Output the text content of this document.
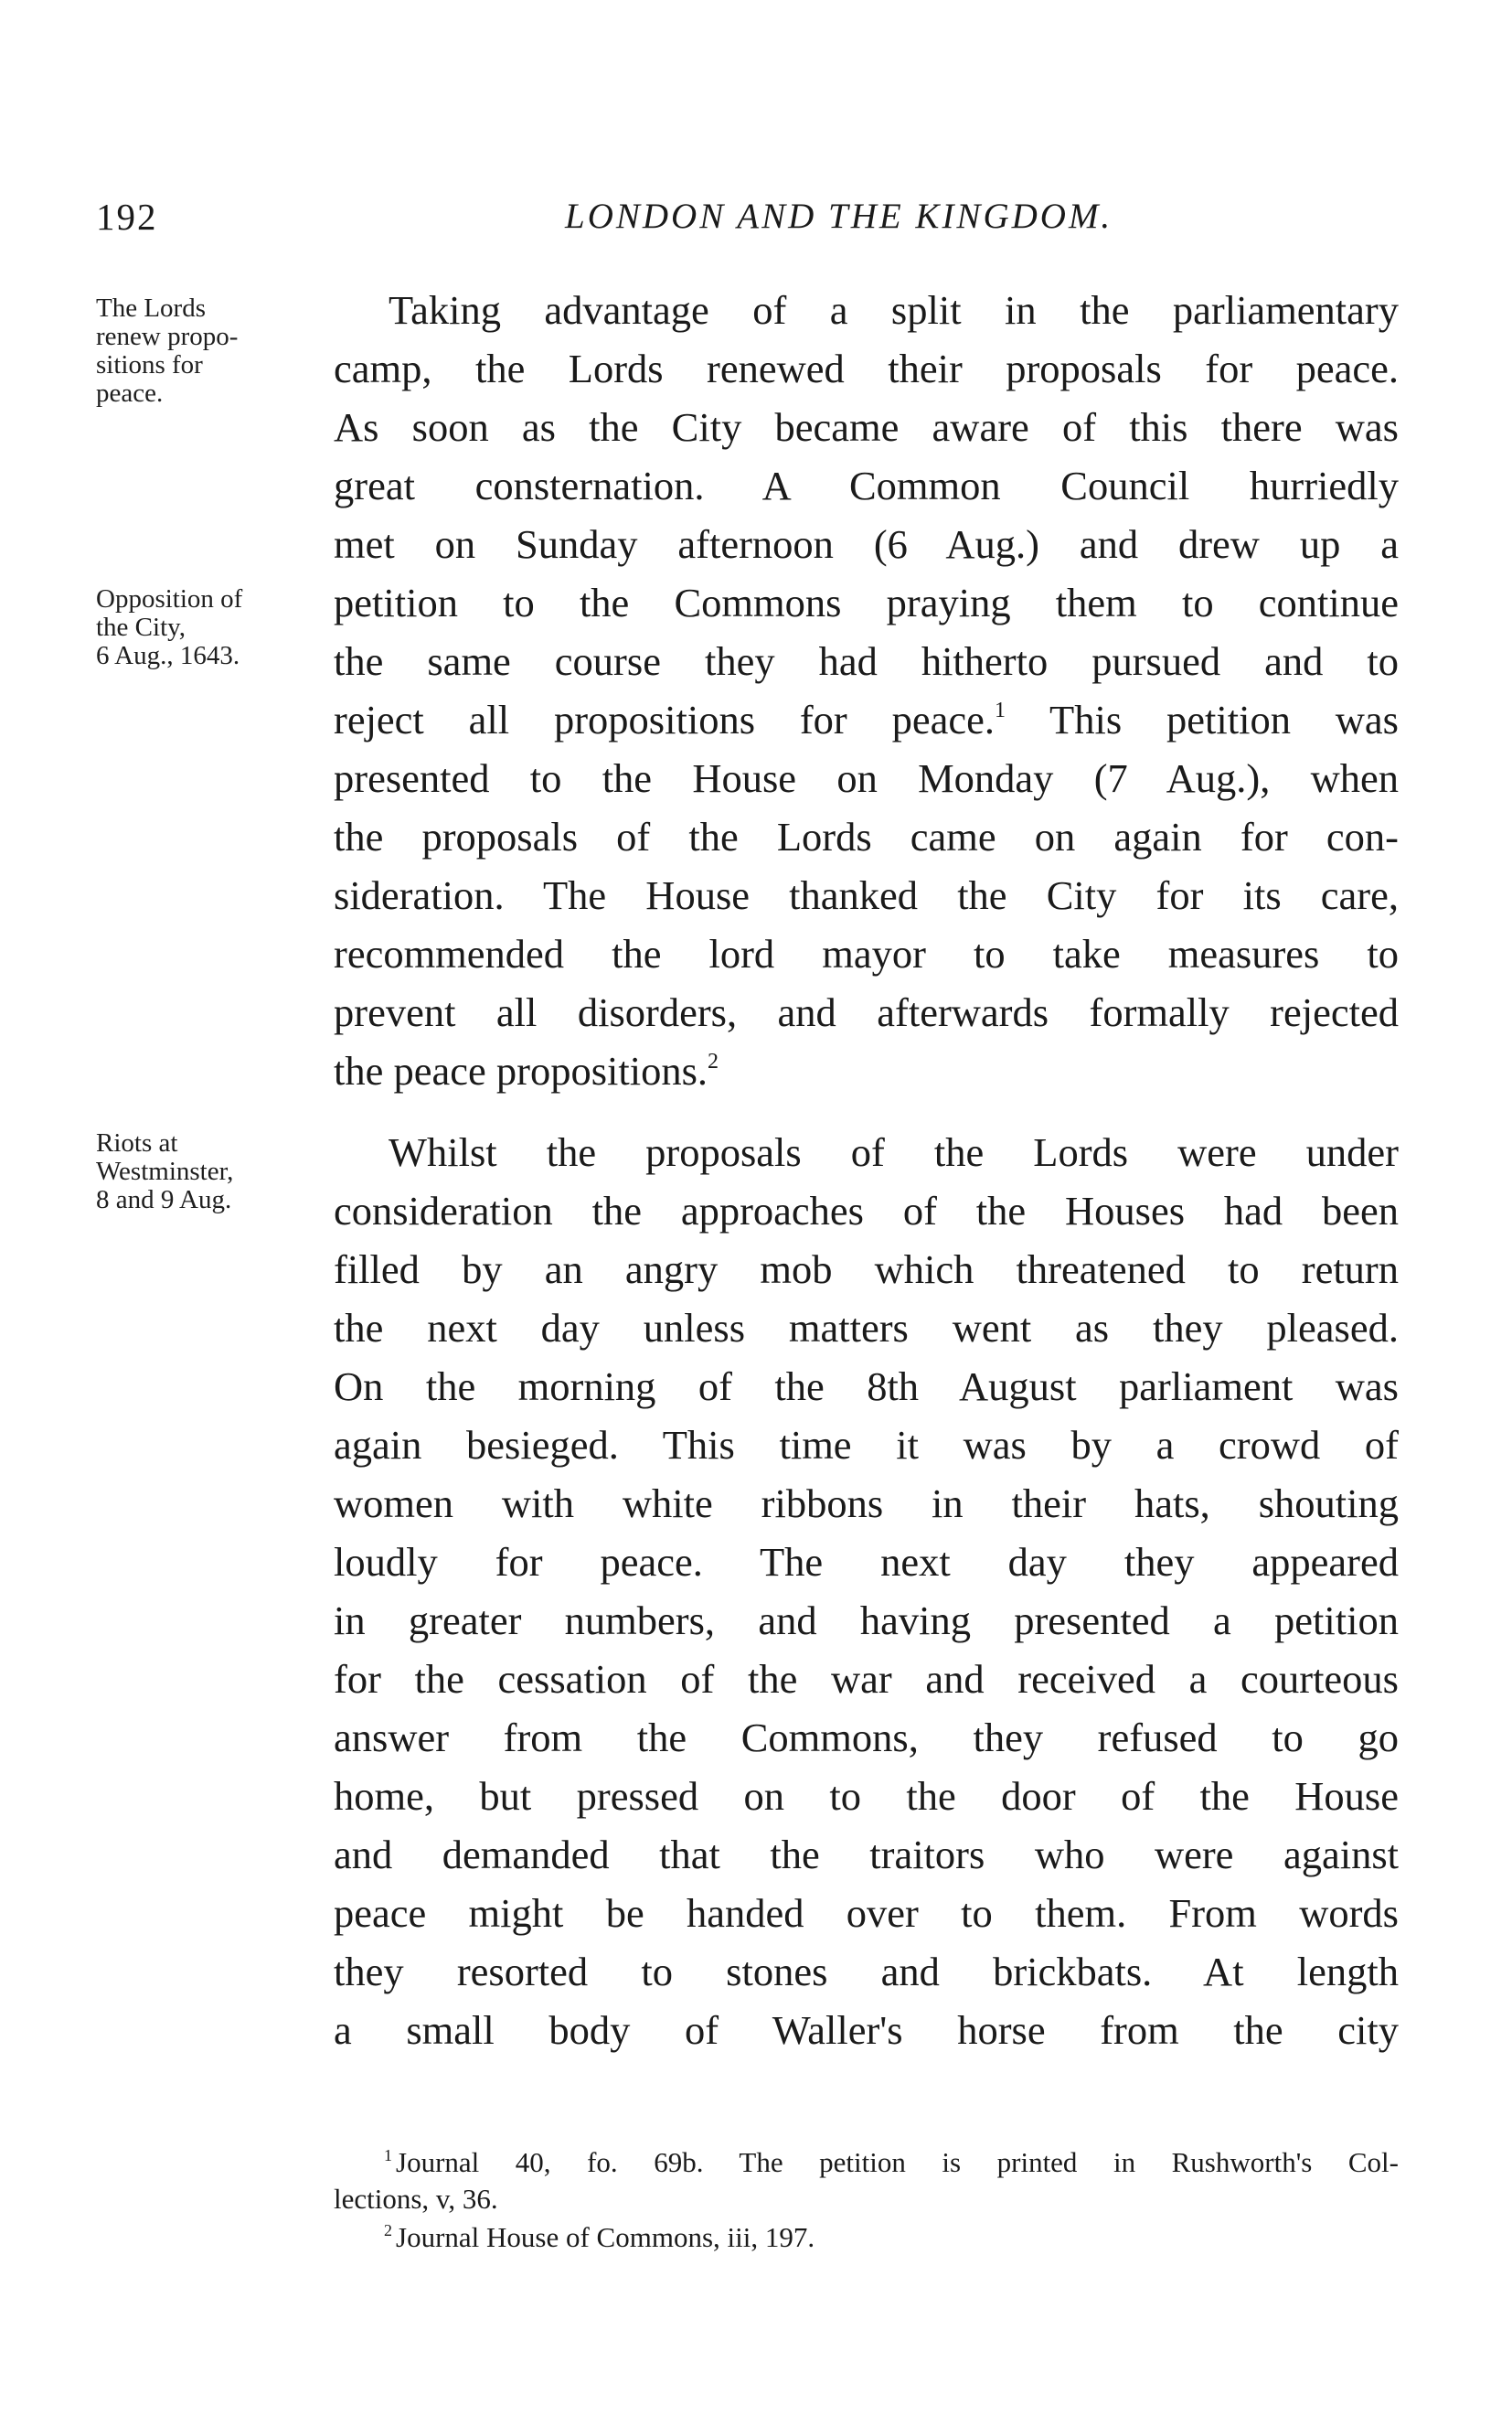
192	LONDON AND THE KINGDOM.
The Lords
renew propo-
sitions for
peace.
Opposition of
the City,
6 Aug., 1643.
Riots at
Westminster,
8 and 9 Aug.
Taking advantage of a split in the parliamentary
camp, the Lords renewed their proposals for peace.
As soon as the City became aware of this there was
great consternation. A Common Council hurriedly
met on Sunday afternoon (6 Aug.) and drew up a
petition to the Commons praying them to continue
the same course they had hitherto pursued and to
reject all propositions for peace.$^1$ This petition was
presented to the House on Monday (7 Aug.), when
the proposals of the Lords came on again for con-
sideration. The House thanked the City for its care,
recommended the lord mayor to take measures to
prevent all disorders, and afterwards formally rejected
the peace propositions.$^2$
Whilst the proposals of the Lords were under
consideration the approaches of the Houses had been
filled by an angry mob which threatened to return
the next day unless matters went as they pleased.
On the morning of the 8th August parliament was
again besieged. This time it was by a crowd of
women with white ribbons in their hats, shouting
loudly for peace. The next day they appeared
in greater numbers, and having presented a petition
for the cessation of the war and received a courteous
answer from the Commons, they refused to go
home, but pressed on to the door of the House
and demanded that the traitors who were against
peace might be handed over to them. From words
they resorted to stones and brickbats. At length
a small body of Waller's horse from the city
$^1$ Journal 40, fo. 69b. The petition is printed in Rushworth's Col-
lections, v, 36.
$^2$ Journal House of Commons, iii, 197.
